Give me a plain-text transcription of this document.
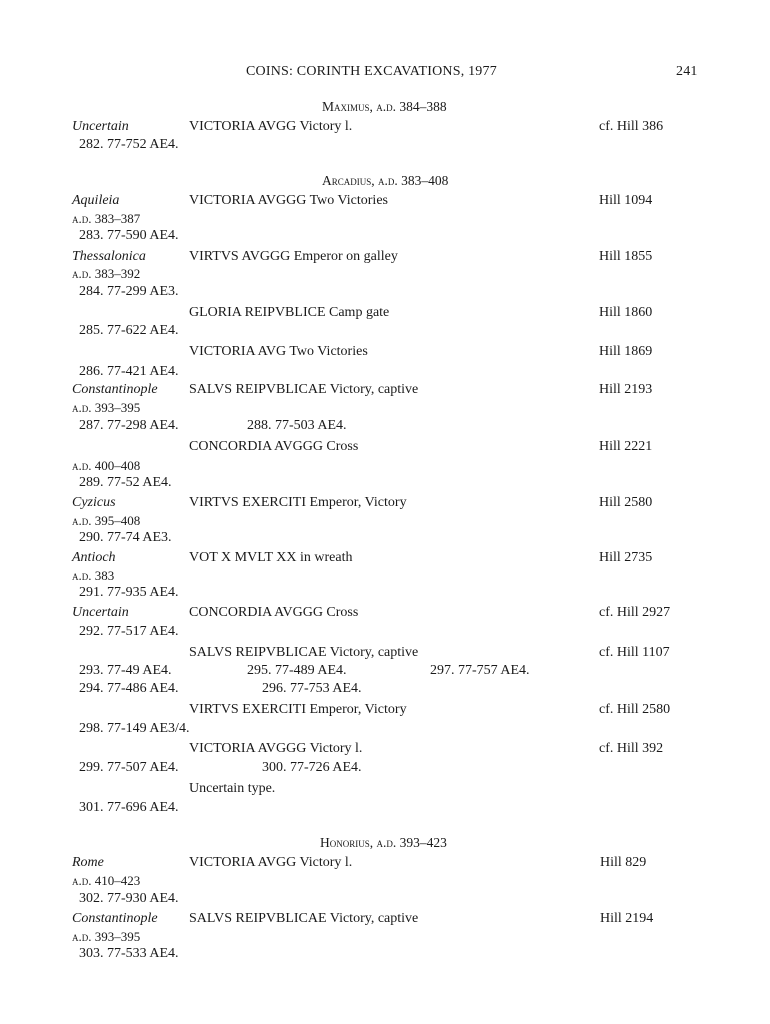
COINS: CORINTH EXCAVATIONS, 1977	241
Maximus, a.d. 384–388
Uncertain	VICTORIA AVGG Victory l.	cf. Hill 386
282. 77-752 AE4.
Arcadius, a.d. 383–408
Aquileia	VICTORIA AVGGG Two Victories	Hill 1094
a.d. 383–387
283. 77-590 AE4.
Thessalonica	VIRTVS AVGGG Emperor on galley	Hill 1855
a.d. 383–392
284. 77-299 AE3.
GLORIA REIPVBLICE Camp gate	Hill 1860
285. 77-622 AE4.
VICTORIA AVG Two Victories	Hill 1869
286. 77-421 AE4.
Constantinople SALVS REIPVBLICAE Victory, captive	Hill 2193
a.d. 393–395
287. 77-298 AE4.	288. 77-503 AE4.
CONCORDIA AVGGG Cross	Hill 2221
a.d. 400–408
289. 77-52 AE4.
Cyzicus	VIRTVS EXERCITI Emperor, Victory	Hill 2580
a.d. 395–408
290. 77-74 AE3.
Antioch	VOT X MVLT XX in wreath	Hill 2735
a.d. 383
291. 77-935 AE4.
Uncertain	CONCORDIA AVGGG Cross	cf. Hill 2927
292. 77-517 AE4.
SALVS REIPVBLICAE Victory, captive	cf. Hill 1107
293. 77-49 AE4.	295. 77-489 AE4.	297. 77-757 AE4.
294. 77-486 AE4.	296. 77-753 AE4.
VIRTVS EXERCITI Emperor, Victory	cf. Hill 2580
298. 77-149 AE3/4.
VICTORIA AVGGG Victory l.	cf. Hill 392
299. 77-507 AE4.	300. 77-726 AE4.
Uncertain type.
301. 77-696 AE4.
Honorius, a.d. 393–423
Rome	VICTORIA AVGG Victory l.	Hill 829
a.d. 410–423
302. 77-930 AE4.
Constantinople SALVS REIPVBLICAE Victory, captive	Hill 2194
a.d. 393–395
303. 77-533 AE4.
